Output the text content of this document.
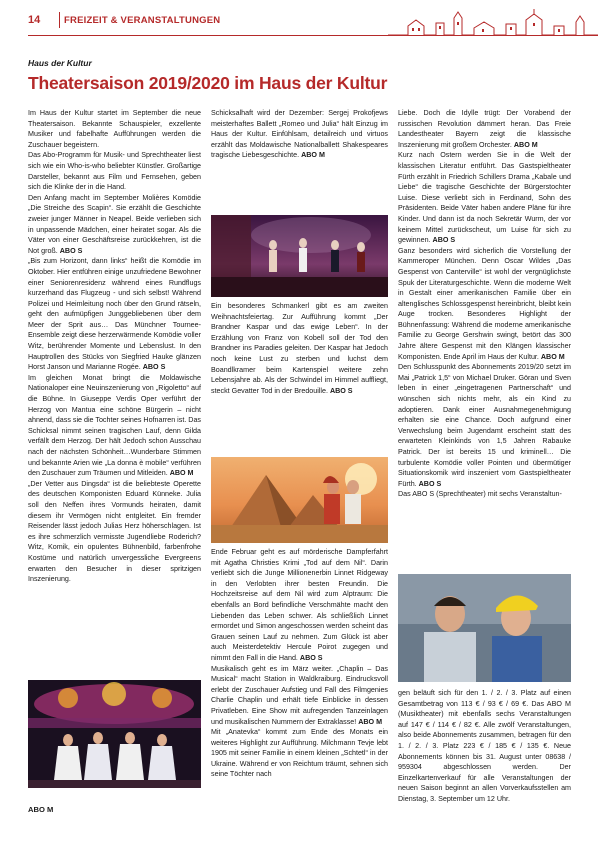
14	FREIZEIT & VERANSTALTUNGEN
Haus der Kultur
Theatersaison 2019/2020 im Haus der Kultur

Im Haus der Kultur startet im September die neue Theatersaison. Bekannte Schauspieler, exzellente Musiker und fabelhafte Aufführungen werden die Zuschauer begeistern.

Das Abo-Programm für Musik- und Sprechtheater liest sich wie ein Who-is-who beliebter Künstler. Großartige Darsteller, bekannt aus Film und Fernsehen, geben sich die Klinke der in die Hand.

Den Anfang macht im September Molières Komödie „Die Streiche des Scapin“. Sie erzählt die Geschichte zweier junger Männer in Neapel. Beide verlieben sich in unpassende Mädchen, einer heiratet sogar. Als die Väter von einer Geschäftsreise zurückkehren, ist die Not groß. ABO S

„Bis zum Horizont, dann links“ heißt die Komödie im Oktober. Hier entführen einige unzufriedene Bewohner einer Seniorenresidenz während eines Rundflugs kurzerhand das Flugzeug - und sich selbst! Während Polizei und Heimleitung noch über den Grund rätseln, geht den aufmüpfigen Junggebliebenen über dem Meer der Sprit aus… Das Münchner Tournee-Ensemble zeigt diese herzerwärmende Komödie voller Witz, berührender Momente und Lebenslust. In den Hauptrollen des Stücks von Siegfried Hauke glänzen Horst Janson und Marianne Rogée. ABO S

Im gleichen Monat bringt die Moldawische Nationaloper eine Neuinszenierung von „Rigoletto“ auf die Bühne. In Giuseppe Verdis Oper verführt der Herzog von Mantua eine schöne Bürgerin – nicht ahnend, dass sie die Tochter seines Hofnarren ist. Das Schicksal nimmt seinen tragischen Lauf, denn Gilda verfällt dem Herzog. Der hält Jedoch schon Ausschau nach der nächsten Schönheit…Wunderbare Stimmen und bekannte Arien wie „La donna è mobile“ verführen den Zuschauer zum Träumen und Mitleiden. ABO M

„Der Vetter aus Dingsda“ ist die beliebteste Operette des deutschen Komponisten Eduard Künneke. Julia soll den Neffen ihres Vormunds heiraten, damit diesem ihr Vermögen nicht entgleitet. Ein fremder Reisender lässt jedoch Julias Herz höherschlagen. Ist es ihre schmerzlich vermisste Jugendliebe Roderich? Witz, Komik, ein opulentes Bühnenbild, farbenfrohe Kostüme und natürlich unvergessliche Evergreens erwarten den Besucher in dieser spritzigen Inszenierung.

Schicksalhaft wird der Dezember: Sergej Prokofjews meisterhaftes Ballett „Romeo und Julia“ hält Einzug im Haus der Kultur. Einfühlsam, detailreich und virtuos erzählt das Moldawische Nationalballett Shakespeares tragische Liebesgeschichte. ABO M

Ein besonderes Schmankerl gibt es am zweiten Weihnachtsfeiertag. Zur Aufführung kommt „Der Brandner Kaspar und das ewige Leben“. In der Erzählung von Franz von Kobell soll der Tod den Brandner ins Paradies geleiten. Der Kaspar hat Jedoch noch keine Lust zu sterben und luchst dem Boandlkramer beim Kartenspiel weitere zehn Lebensjahre ab. Als der Schwindel im Himmel auffliegt, steckt Gevatter Tod in der Bredouille. ABO S

Ende Februar geht es auf mörderische Dampferfahrt mit Agatha Christies Krimi „Tod auf dem Nil“. Darin verliebt sich die Junge Millionenerbin Linnet Ridgeway in den Verlobten ihrer besten Freundin. Die Hochzeitsreise auf dem Nil wird zum Alptraum: Die ebenfalls an Bord befindliche Verschmähte macht den Liebenden das Leben schwer. Als schließlich Linnet ermordet und Simon angeschossen werden scheint das Grauen seinen Lauf zu nehmen. Zum Glück ist aber auch Meisterdetektiv Hercule Poirot zugegen und nimmt den Fall in die Hand. ABO S

Musikalisch geht es im März weiter. „Chaplin – Das Musical“ macht Station in Waldkraiburg. Eindrucksvoll erlebt der Zuschauer Aufstieg und Fall des Filmgenies Charlie Chaplin und erhält tiefe Einblicke in dessen Privatleben. Eine Show mit aufregenden Tanzeinlagen und musikalischen Nummern der Extraklasse! ABO M

Mit „Anatevka“ kommt zum Ende des Monats ein weiteres Highlight zur Aufführung. Milchmann Tevje lebt 1905 mit seiner Familie in einem kleinen „Schtetl“ in der Ukraine. Während er von Reichtum träumt, sehnen sich seine Töchter nach

Liebe. Doch die Idylle trügt: Der Vorabend der russischen Revolution dämmert heran. Das Freie Landestheater Bayern zeigt die klassische Inszenierung mit großem Orchester. ABO M

Kurz nach Ostern werden Sie in die Welt der klassischen Literatur entführt. Das Gastspieltheater Fürth erzählt in Friedrich Schillers Drama „Kabale und Liebe“ die tragische Geschichte der Bürgerstochter Luise. Diese verliebt sich in Ferdinand, Sohn des Präsidenten. Beide Väter haben andere Pläne für ihre Kinder. Und dann ist da noch Sekretär Wurm, der vor keinem Mittel zurückscheut, um Luise für sich zu gewinnen. ABO S

Ganz besonders wird sicherlich die Vorstellung der Kammeroper München. Denn Oscar Wildes „Das Gespenst von Canterville“ ist wohl der vergnüglichste Spuk der Literaturgeschichte. Wenn die moderne Welt in Gestalt einer amerikanischen Familie über ein altenglisches Schlossgespenst hereinbricht, bleibt kein Auge trocken. Besonderes Highlight der Bühnenfassung: Während die moderne amerikanische Familie zu George Gershwin swingt, betört das 300 Jahre ältere Gespenst mit den Klängen klassischer Komponisten. Ende April im Haus der Kultur. ABO M

Den Schlusspunkt des Abonnements 2019/20 setzt im Mai „Patrick 1,5“ von Michael Druker. Göran und Sven leben in einer „eingetragenen Partnerschaft“ und wünschen sich nichts mehr, als ein Kind zu adoptieren. Dank einer Ausnahmegenehmigung erhalten sie eine Chance. Doch aufgrund einer Verwechslung beim Jugendamt erscheint statt des erwarteten Kleinkinds von 1,5 Jahren Rabauke Patrick. Der ist bereits 15 und kriminell… Die turbulente Komödie voller Pointen und übermütiger Situationskomik wird inszeniert vom Gastspieltheater Fürth. ABO S

Das ABO S (Sprechtheater) mit sechs Veranstaltun-

gen beläuft sich für den 1. / 2. / 3. Platz auf einen Gesamtbetrag von 113 € / 93 € / 69 €. Das ABO M (Musiktheater) mit ebenfalls sechs Veranstaltungen auf 147 € / 114 € / 82 €. Alle zwölf Veranstaltungen, also beide Abonnements zusammen, betragen für den 1. / 2. / 3. Platz 223 € / 185 € / 135 €. Neue Abonnements können bis 31. August unter 08638 / 959304 abgeschlossen werden. Der Einzelkartenverkauf für alle Veranstaltungen der neuen Saison beginnt an allen Vorverkaufsstellen am Dienstag, 3. September um 12 Uhr.

ABO M
